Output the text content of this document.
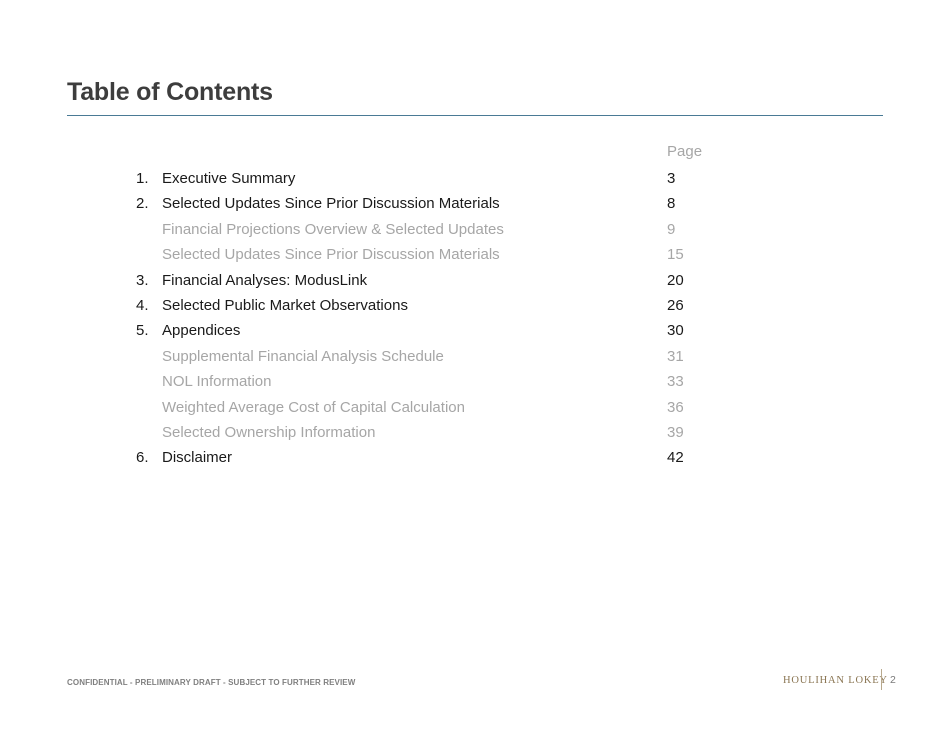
Table of Contents
Page
1. Executive Summary	3
2. Selected Updates Since Prior Discussion Materials	8
Financial Projections Overview & Selected Updates	9
Selected Updates Since Prior Discussion Materials	15
3. Financial Analyses: ModusLink	20
4. Selected Public Market Observations	26
5. Appendices	30
Supplemental Financial Analysis Schedule	31
NOL Information	33
Weighted Average Cost of Capital Calculation	36
Selected Ownership Information	39
6. Disclaimer	42
CONFIDENTIAL - PRELIMINARY DRAFT - SUBJECT TO FURTHER REVIEW	HOULIHAN LOKEY 2
